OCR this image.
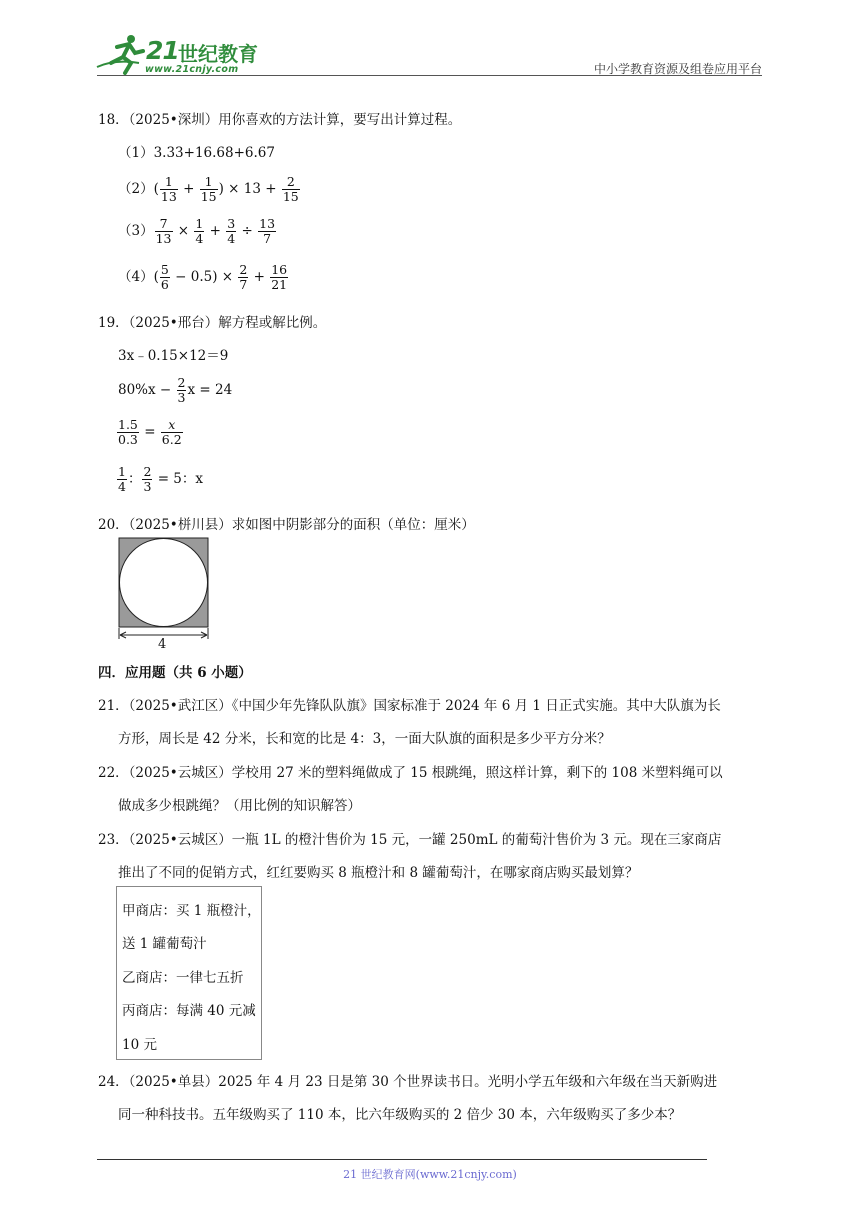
21 世纪教育
www.21cnjy.com	中小学教育资源及组卷应用平台
18．（2025•深圳）用你喜欢的方法计算，要写出计算过程。
（1）3.33+16.68+6.67
$(2)( \frac{1}{13} + \frac{1}{15}$ ) × $13 + \frac{2}{15}$
$(3) \frac{7}{13} \times \frac{1}{4} + \frac{3}{4} \div \frac{13}{7}$
$(4)( \frac{5}{6} - 0.5) \times \frac{2}{7} + \frac{16}{21}$
19．（2025•邢台）解方程或解比例。
3x﹣0.15×12＝9
$80\%x - \frac{2}{3}$ x = 24
$\frac{1.5}{0.3} = \frac{x}{6.2}$
$\frac{1}{4}$ ： $\frac{2}{3} = 5$：x
20．（2025•栟川县）求如图中阴影部分的面积（单位：厘米）
4
四．应用题（共 6 小题）
21．（2025•武江区）《中国少年先锋队队旗》国家标准于 2024 年 6 月 1 日正式实施。其中大队旗为长
方形，周长是 42 分米，长和宽的比是 4：3，一面大队旗的面积是多少平方分米？
22．（2025•云城区）学校用 27 米的塑料绳做成了 15 根跳绳，照这样计算，剩下的 108 米塑料绳可以
做成多少根跳绳？（用比例的知识解答）
23．（2025•云城区）一瓶 1L 的橙汁售价为 15 元，一罐 250mL 的葡萄汁售价为 3 元。现在三家商店
推出了不同的促销方式，红红要购买 8 瓶橙汁和 8 罐葡萄汁，在哪家商店购买最划算？
甲商店：买 1 瓶橙汁，
送 1 罐葡萄汁
乙商店：一律七五折
丙商店：每满 40 元减
10 元
24．（2025•单县）2025 年 4 月 23 日是第 30 个世界读书日。光明小学五年级和六年级在当天新购进
同一种科技书。五年级购买了 110 本，比六年级购买的 2 倍少 30 本，六年级购买了多少本？
21 世纪教育网(www.21cnjy.com)
